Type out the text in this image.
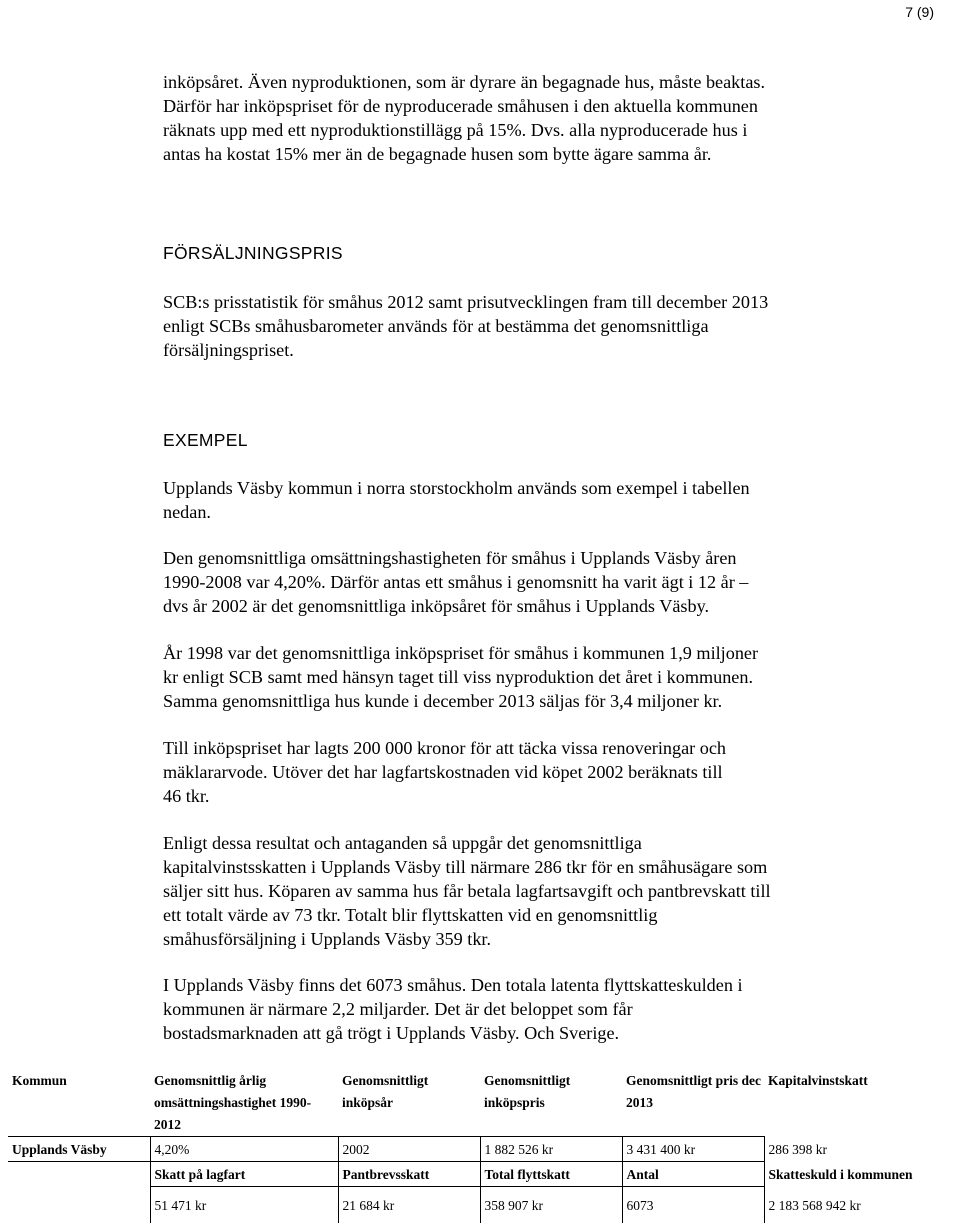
7 (9)

inköpsåret. Även nyproduktionen, som är dyrare än begagnade hus, måste beaktas.
Därför har inköpspriset för de nyproducerade småhusen i den aktuella kommunen
räknats upp med ett nyproduktionstillägg på 15%. Dvs. alla nyproducerade hus i
antas ha kostat 15% mer än de begagnade husen som bytte ägare samma år.

FÖRSÄLJNINGSPRIS

SCB:s prisstatistik för småhus 2012 samt prisutvecklingen fram till december 2013
enligt SCBs småhusbarometer används för at bestämma det genomsnittliga
försäljningspriset.

EXEMPEL

Upplands Väsby kommun i norra storstockholm används som exempel i tabellen
nedan.

Den genomsnittliga omsättningshastigheten för småhus i Upplands Väsby åren
1990-2008 var 4,20%. Därför antas ett småhus i genomsnitt ha varit ägt i 12 år –
dvs år 2002 är det genomsnittliga inköpsåret för småhus i Upplands Väsby.

År 1998 var det genomsnittliga inköpspriset för småhus i kommunen 1,9 miljoner
kr enligt SCB samt med hänsyn taget till viss nyproduktion det året i kommunen.
Samma genomsnittliga hus kunde i december 2013 säljas för 3,4 miljoner kr.

Till inköpspriset har lagts 200 000 kronor för att täcka vissa renoveringar och
mäklararvode. Utöver det har lagfartskostnaden vid köpet 2002 beräknats till
46 tkr.

Enligt dessa resultat och antaganden så uppgår det genomsnittliga
kapitalvinstsskatten i Upplands Väsby till närmare 286 tkr för en småhusägare som
säljer sitt hus. Köparen av samma hus får betala lagfartsavgift och pantbrevskatt till
ett totalt värde av 73 tkr. Totalt blir flyttskatten vid en genomsnittlig
småhusförsäljning i Upplands Väsby 359 tkr.

I Upplands Väsby finns det 6073 småhus. Den totala latenta flyttskatteskulden i
kommunen är närmare 2,2 miljarder. Det är det beloppet som får
bostadsmarknaden att gå trögt i Upplands Väsby. Och Sverige.

Kommun	Genomsnittlig årlig omsättningshastighet 1990-2012	Genomsnittligt inköpsår	Genomsnittligt inköpspris	Genomsnittligt pris dec 2013	Kapitalvinstskatt
Upplands Väsby	4,20%	2002	1 882 526 kr	3 431 400 kr	286 398 kr
	Skatt på lagfart	Pantbrevsskatt	Total flyttskatt	Antal	Skatteskuld i kommunen
	51 471 kr	21 684 kr	358 907 kr	6073	2 183 568 942 kr
